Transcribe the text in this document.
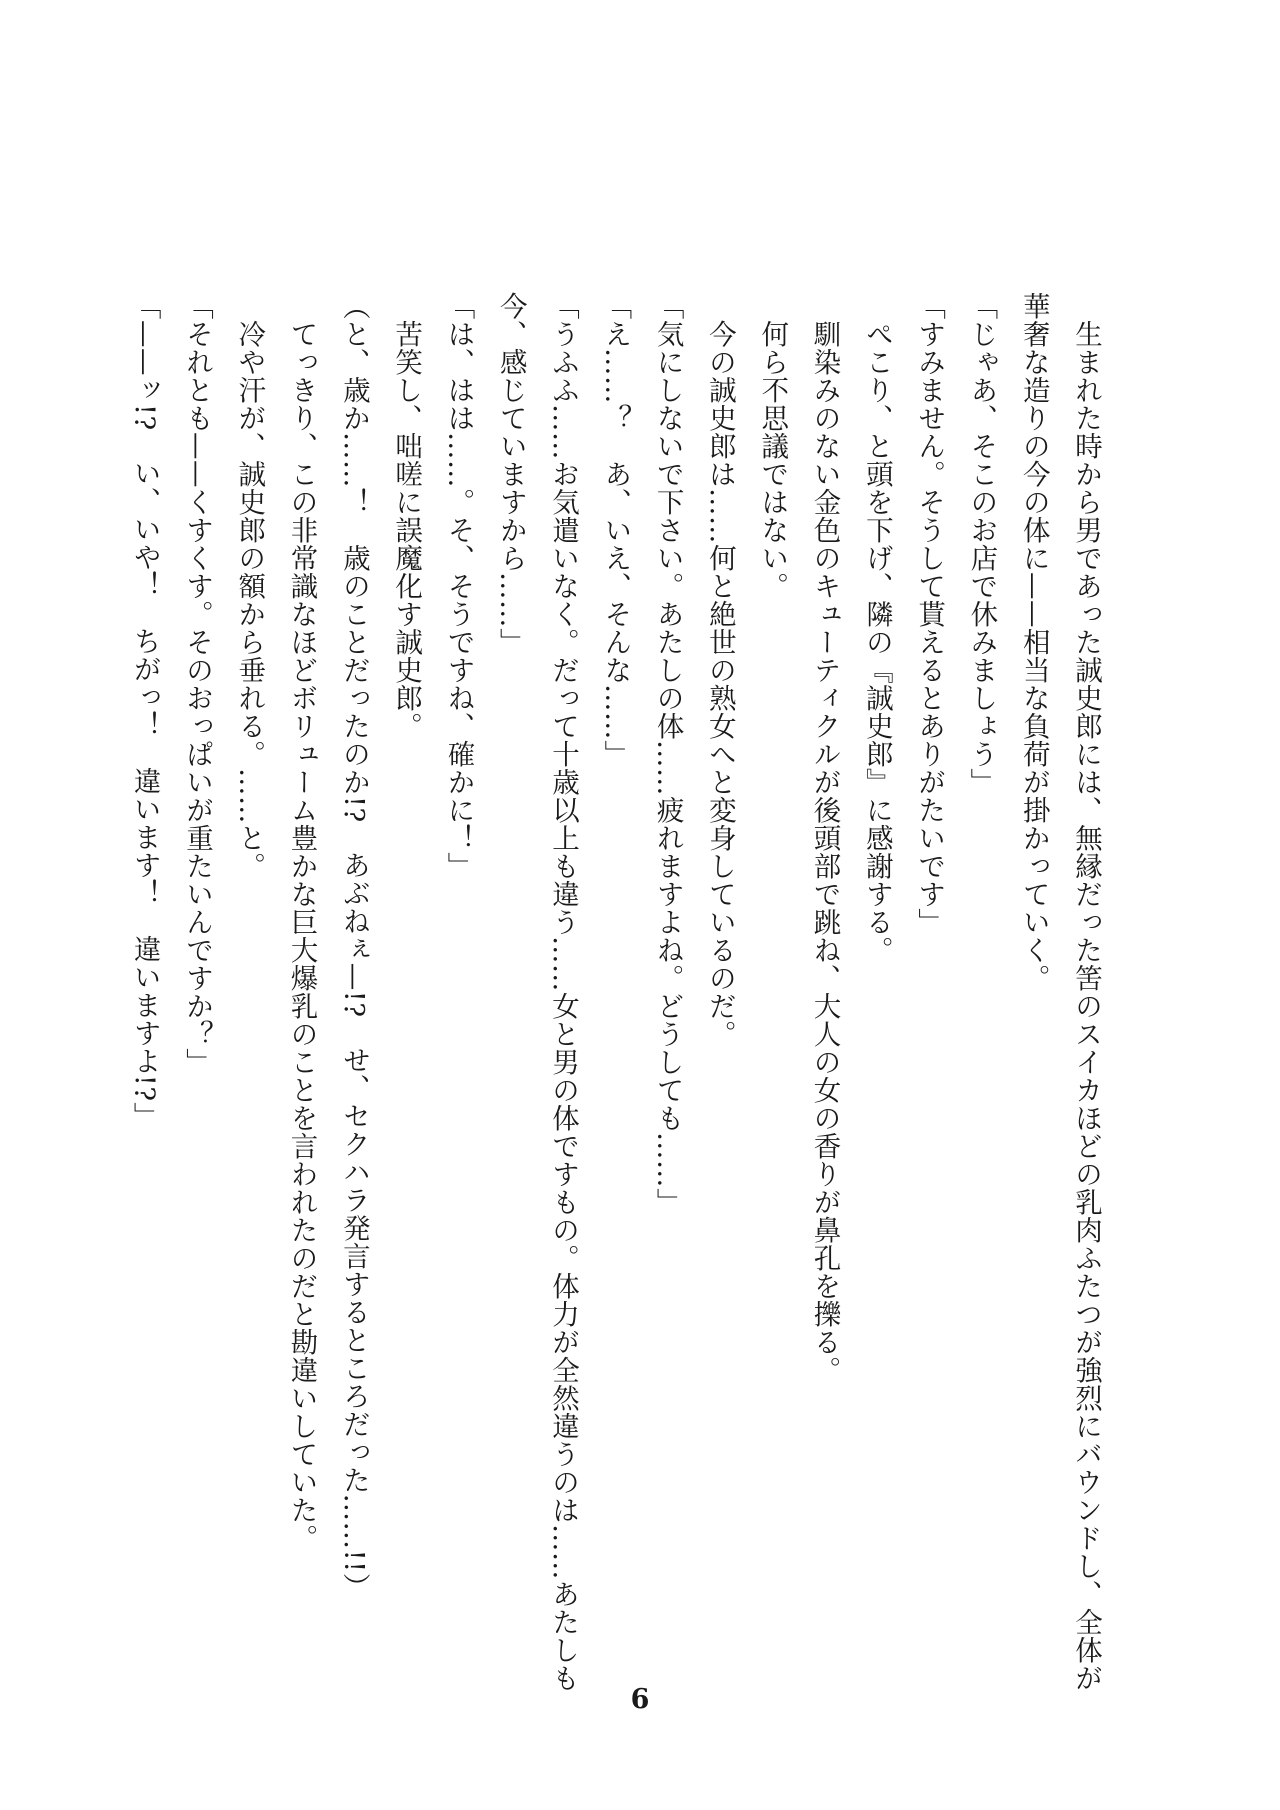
　生まれた時から男であった誠史郎には、無縁だった筈のスイカほどの乳肉ふたつが強烈にバウンドし、全体が
華奢な造りの今の体に——相当な負荷が掛かっていく。
「じゃあ、そこのお店で休みましょう」
「すみません。そうして貰えるとありがたいです」
　ぺこり、と頭を下げ、隣の『誠史郎』に感謝する。
　馴染みのない金色のキューティクルが後頭部で跳ね、大人の女の香りが鼻孔を擽る。
　何ら不思議ではない。
　今の誠史郎は……何と絶世の熟女へと変身しているのだ。
「気にしないで下さい。あたしの体……疲れますよね。どうしても……」
「え……？　あ、いえ、そんな……」
「うふふ……お気遣いなく。だって十歳以上も違う……女と男の体ですもの。体力が全然違うのは……あたしも
今、感じていますから……」
「は、はは……。そ、そうですね、確かに！」
　苦笑し、咄嗟に誤魔化す誠史郎。
（と、歳か……！　歳のことだったのか!?　あぶねぇ—!?　せ、セクハラ発言するところだった……!!）
　てっきり、この非常識なほどボリューム豊かな巨大爆乳のことを言われたのだと勘違いしていた。
　冷や汗が、誠史郎の額から垂れる。……と。
「それとも——くすくす。そのおっぱいが重たいんですか？」
「——ッ!?　い、いや！　ちがっ！　違います！　違いますよ!?」
6
